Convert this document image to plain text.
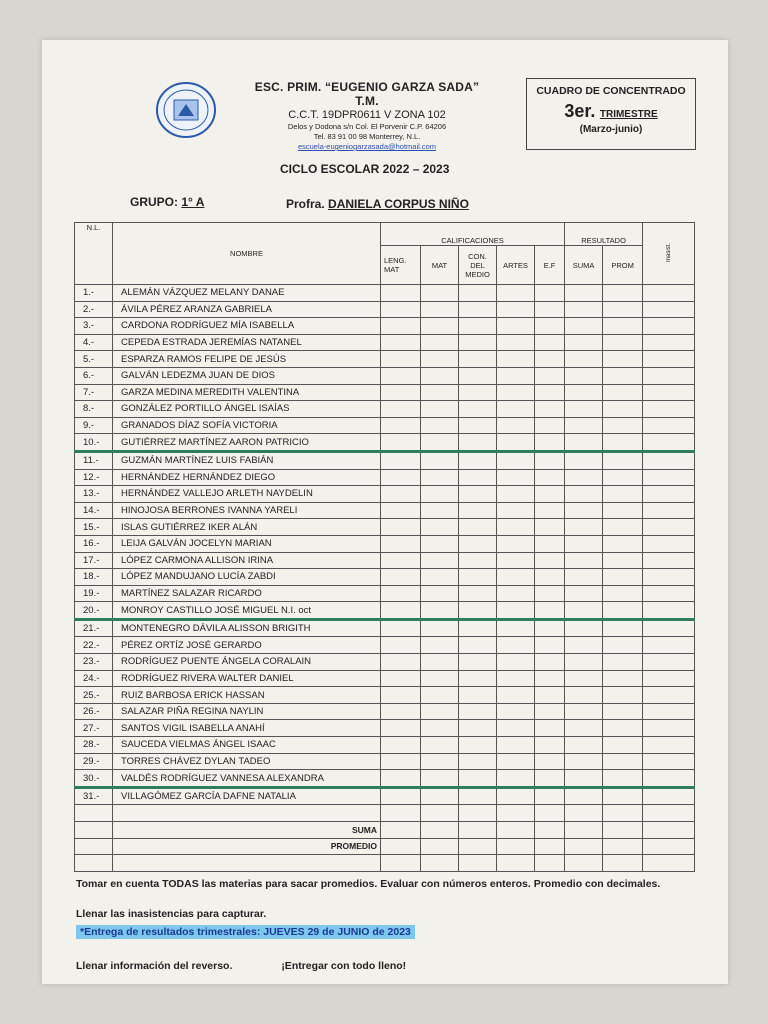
ESC. PRIM. “EUGENIO GARZA SADA” T.M.
C.C.T. 19DPR0611 V ZONA 102
Delos y Dodona s/n Col. El Porvenir C.P. 64206
Tel. 83 91 00 98 Monterrey, N.L.
escuela-eugeniogarzasada@hotmail.com
CUADRO DE CONCENTRADO
3er. TRIMESTRE
(Marzo-junio)
CICLO ESCOLAR 2022 – 2023
GRUPO: 1° A	Profra. DANIELA CORPUS NIÑO
N.L.	NOMBRE	CALIFICACIONES					RESULTADO		Inasist.
		LENG. MAT	MAT	CON. DEL MEDIO	ARTES	E.F	SUMA	PROM	
1.-	ALEMÁN VÁZQUEZ MELANY DANAE								
2.-	ÁVILA PÉREZ ARANZA GABRIELA								
3.-	CARDONA RODRÍGUEZ MÍA ISABELLA								
4.-	CEPEDA ESTRADA JEREMÍAS NATANEL								
5.-	ESPARZA RAMOS FELIPE DE JESÚS								
6.-	GALVÁN LEDEZMA JUAN DE DIOS								
7.-	GARZA MEDINA MEREDITH VALENTINA								
8.-	GONZÁLEZ PORTILLO ÁNGEL ISAÍAS								
9.-	GRANADOS DÍAZ SOFÍA VICTORIA								
10.-	GUTIÉRREZ MARTÍNEZ AARON PATRICIO								
11.-	GUZMÁN MARTÍNEZ LUIS FABIÁN								
12.-	HERNÁNDEZ HERNÁNDEZ DIEGO								
13.-	HERNÁNDEZ VALLEJO ARLETH NAYDELIN								
14.-	HINOJOSA BERRONES IVANNA YARELI								
15.-	ISLAS GUTIÉRREZ IKER ALÁN								
16.-	LEIJA GALVÁN JOCELYN MARIAN								
17.-	LÓPEZ CARMONA ALLISON IRINA								
18.-	LÓPEZ MANDUJANO LUCÍA ZABDI								
19.-	MARTÍNEZ SALAZAR RICARDO								
20.-	MONROY CASTILLO JOSÉ MIGUEL N.I. oct								
21.-	MONTENEGRO DÁVILA ALISSON BRIGITH								
22.-	PÉREZ ORTÍZ JOSÉ GERARDO								
23.-	RODRÍGUEZ PUENTE ÁNGELA CORALAIN								
24.-	RODRÍGUEZ RIVERA WALTER DANIEL								
25.-	RUIZ BARBOSA ERICK HASSAN								
26.-	SALAZAR PIÑA REGINA NAYLIN								
27.-	SANTOS VIGIL ISABELLA ANAHÍ								
28.-	SAUCEDA VIELMAS ÁNGEL ISAAC								
29.-	TORRES CHÁVEZ DYLAN TADEO								
30.-	VALDÉS RODRÍGUEZ VANNESA ALEXANDRA								
31.-	VILLAGÓMEZ GARCÍA DAFNE NATALIA								

	SUMA								
	PROMEDIO								

Tomar en cuenta TODAS las materias para sacar promedios. Evaluar con números enteros. Promedio con decimales.
Llenar las inasistencias para capturar.
*Entrega de resultados trimestrales: JUEVES 29 de JUNIO de 2023
Llenar información del reverso.	¡Entregar con todo lleno!
